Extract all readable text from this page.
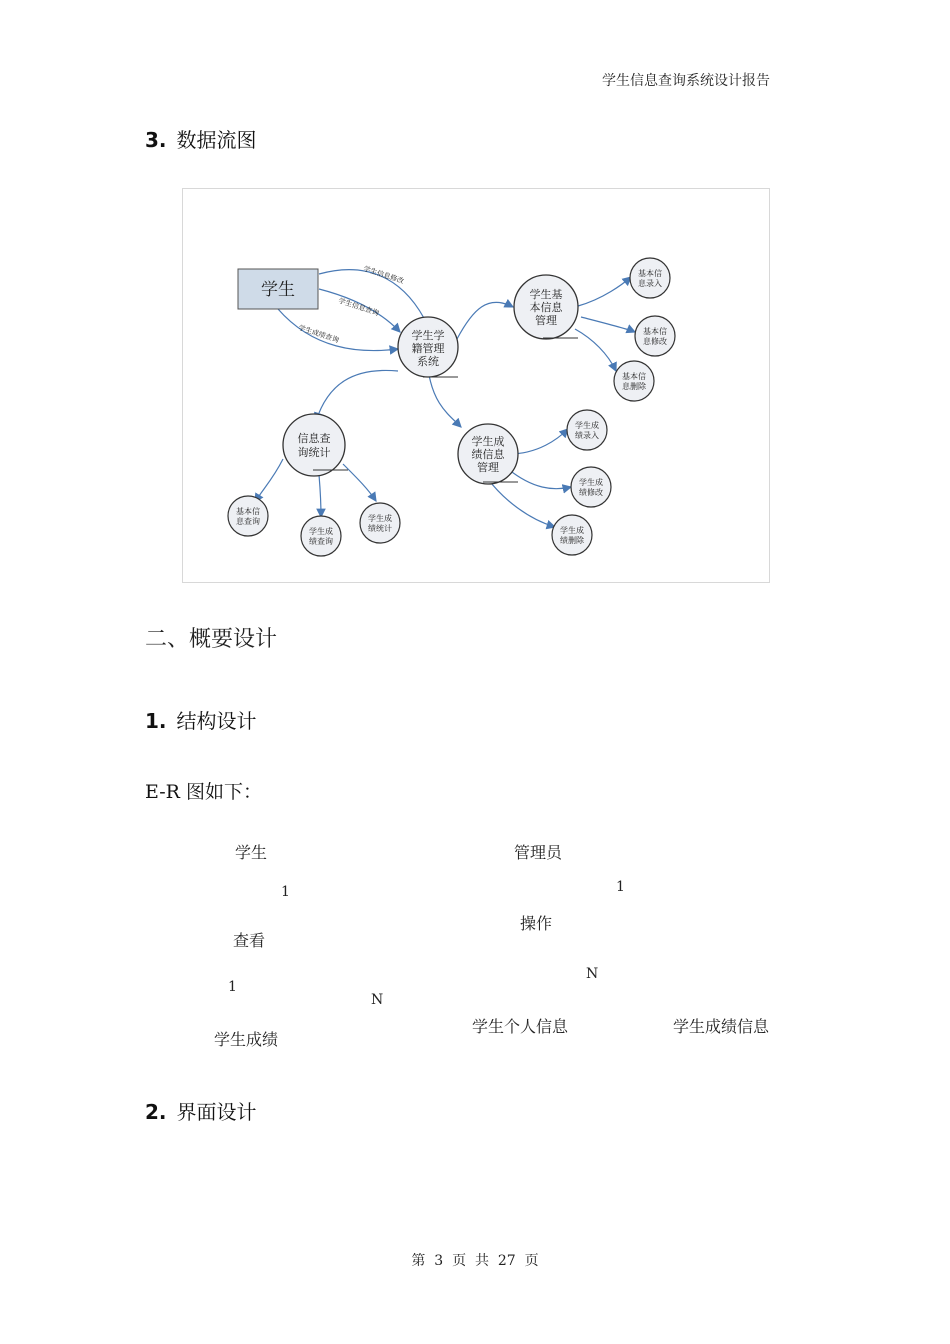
学生信息查询系统设计报告
3. 数据流图
学生
学生信息修改
学生信息查询
学生成绩查询	学生学
籍管理
系统
学生基
本信息
管理
基本信
息录入
基本信
息修改
基本信
息删除
信息查
询统计
基本信
息查询
学生成
绩查询
学生成
绩统计
学生成
绩信息
管理
学生成
绩录入
学生成
绩修改
学生成
绩删除
二、概要设计
1. 结构设计
E-R 图如下：
学生	管理员
1	1
操作
查看
N
1
N
学生个人信息	学生成绩信息
学生成绩
2. 界面设计
第  3  页  共  27  页
